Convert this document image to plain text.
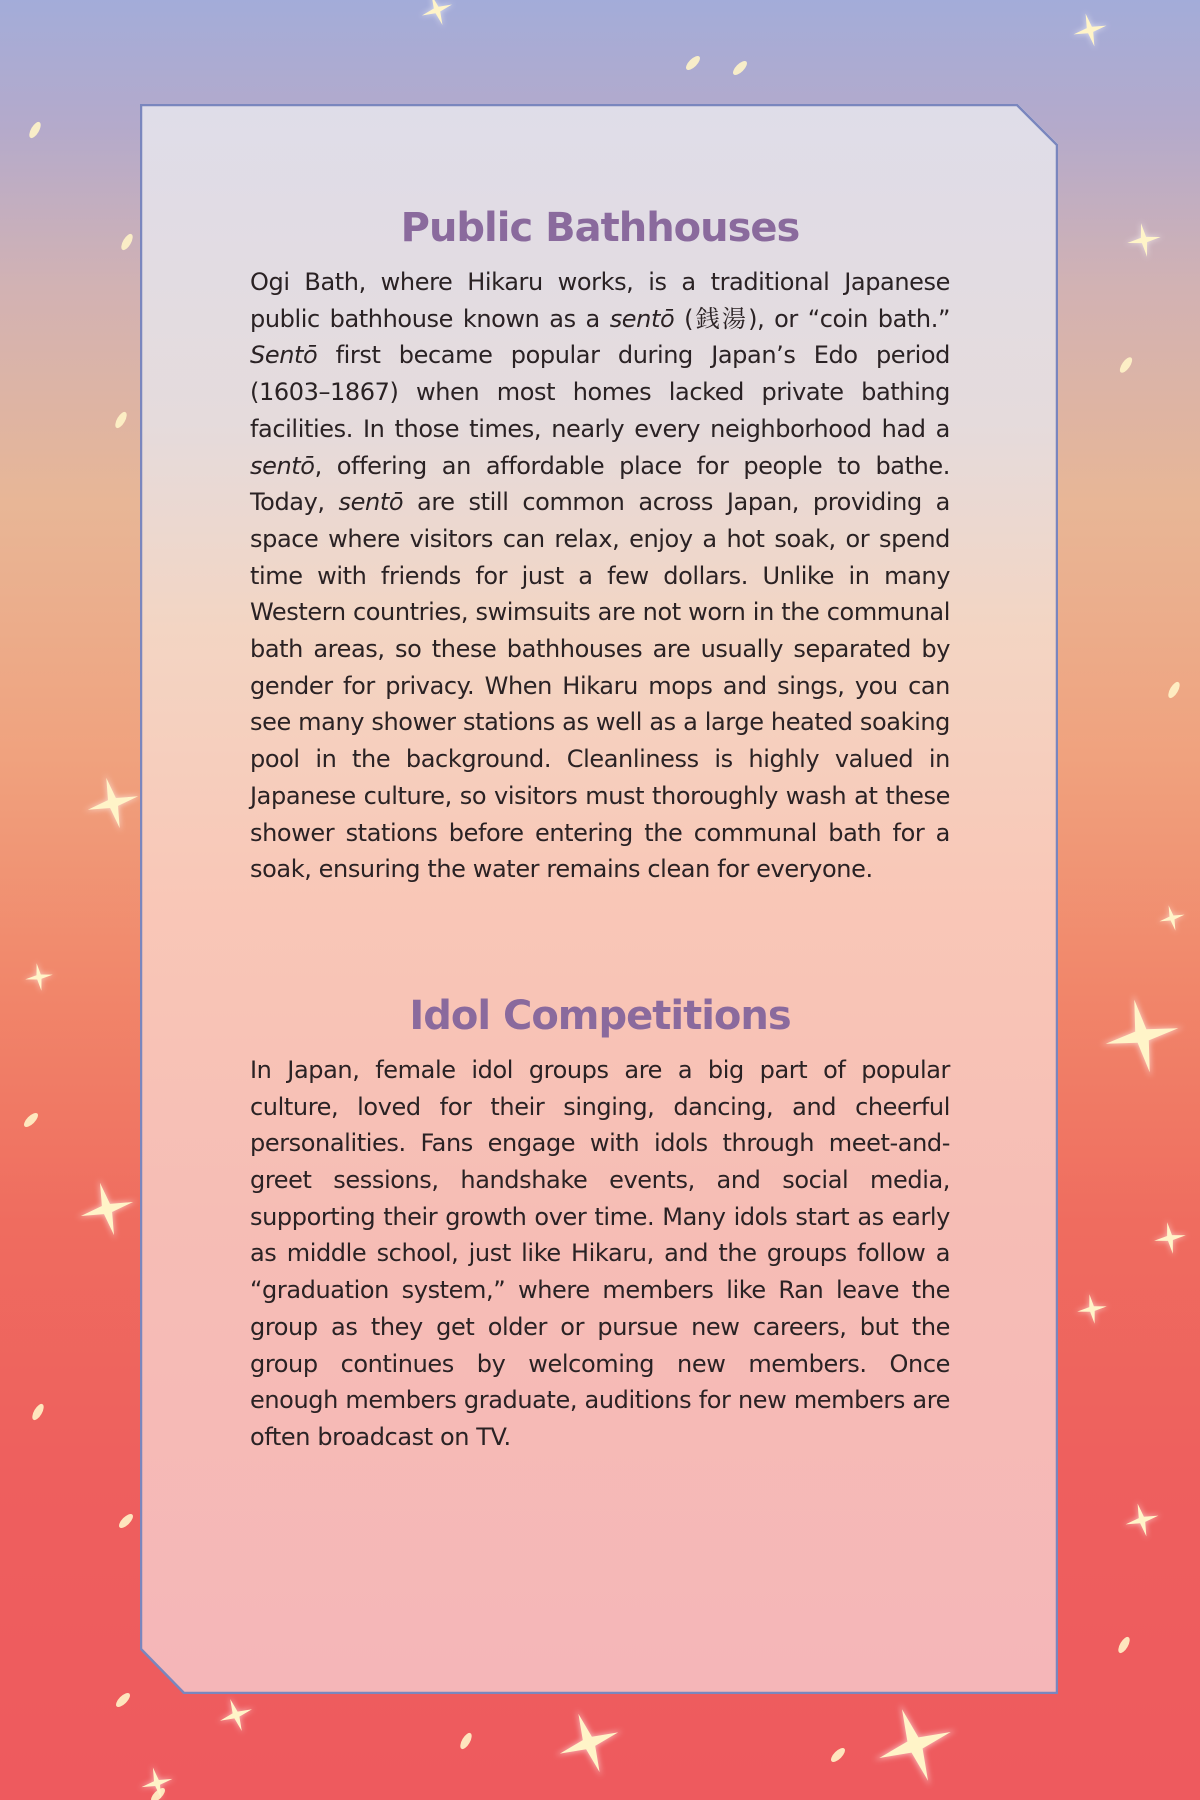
Public Bathhouses

Ogi Bath, where Hikaru works, is a traditional Japanese public bathhouse known as a sentō (銭湯), or “coin bath.” Sentō first became popular during Japan’s Edo period (1603–1867) when most homes lacked private bathing facilities. In those times, nearly every neighborhood had a sentō, offering an affordable place for people to bathe. Today, sentō are still common across Japan, providing a space where visitors can relax, enjoy a hot soak, or spend time with friends for just a few dollars. Unlike in many Western countries, swimsuits are not worn in the communal bath areas, so these bathhouses are usually separated by gender for privacy. When Hikaru mops and sings, you can see many shower stations as well as a large heated soaking pool in the background. Cleanliness is highly valued in Japanese culture, so visitors must thoroughly wash at these shower stations before entering the communal bath for a soak, ensuring the water remains clean for everyone.

Idol Competitions

In Japan, female idol groups are a big part of popular culture, loved for their singing, dancing, and cheerful personalities. Fans engage with idols through meet-and-greet sessions, handshake events, and social media, supporting their growth over time. Many idols start as early as middle school, just like Hikaru, and the groups follow a “graduation system,” where members like Ran leave the group as they get older or pursue new careers, but the group continues by welcoming new members. Once enough members graduate, auditions for new members are often broadcast on TV.
